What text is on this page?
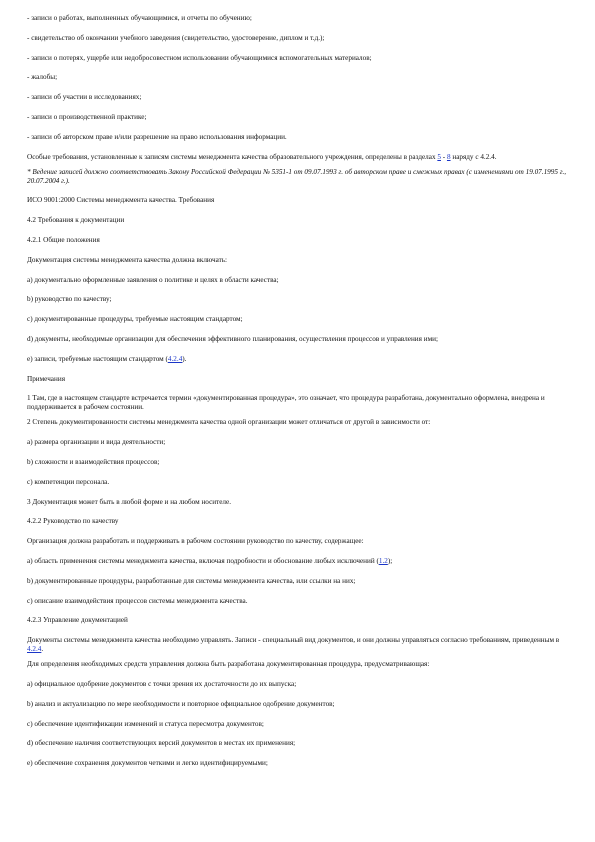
- записи о работах, выполненных обучающимися, и отчеты по обучению;

- свидетельство об окончании учебного заведения (свидетельство, удостоверение, диплом и т.д.);

- записи о потерях, ущербе или недобросовестном использовании обучающимися вспомогательных материалов;

- жалобы;

- записи об участии в исследованиях;

- записи о производственной практике;

- записи об авторском праве и/или разрешение на право использования информации.

Особые требования, установленные к записям системы менеджмента качества образовательного учреждения, определены в разделах 5 - 8 наряду с 4.2.4.

* Ведение записей должно соответствовать Закону Российской Федерации № 5351-1 от 09.07.1993 г. об авторском праве и смежных правах (с изменениями от 19.07.1995 г., 20.07.2004 г.).

ИСО 9001:2000 Системы менеджмента качества. Требования

4.2 Требования к документации

4.2.1 Общие положения

Документация системы менеджмента качества должна включать:

а) документально оформленные заявления о политике и целях в области качества;

b) руководство по качеству;

с) документированные процедуры, требуемые настоящим стандартом;

d) документы, необходимые организации для обеспечения эффективного планирования, осуществления процессов и управления ими;

е) записи, требуемые настоящим стандартом (4.2.4).

Примечания

1 Там, где в настоящем стандарте встречается термин «документированная процедура», это означает, что процедура разработана, документально оформлена, внедрена и поддерживается в рабочем состоянии.

2 Степень документированности системы менеджмента качества одной организации может отличаться от другой в зависимости от:

а) размера организации и вида деятельности;

b) сложности и взаимодействия процессов;

с) компетенции персонала.

3 Документация может быть в любой форме и на любом носителе.

4.2.2 Руководство по качеству

Организация должна разработать и поддерживать в рабочем состоянии руководство по качеству, содержащее:

а) область применения системы менеджмента качества, включая подробности и обоснование любых исключений (1.2);

b) документированные процедуры, разработанные для системы менеджмента качества, или ссылки на них;

с) описание взаимодействия процессов системы менеджмента качества.

4.2.3 Управление документацией

Документы системы менеджмента качества необходимо управлять. Записи - специальный вид документов, и они должны управляться согласно требованиям, приведенным в 4.2.4.

Для определения необходимых средств управления должна быть разработана документированная процедура, предусматривающая:

а) официальное одобрение документов с точки зрения их достаточности до их выпуска;

b) анализ и актуализацию по мере необходимости и повторное официальное одобрение документов;

с) обеспечение идентификации изменений и статуса пересмотра документов;

d) обеспечение наличия соответствующих версий документов в местах их применения;

е) обеспечение сохранения документов четкими и легко идентифицируемыми;
